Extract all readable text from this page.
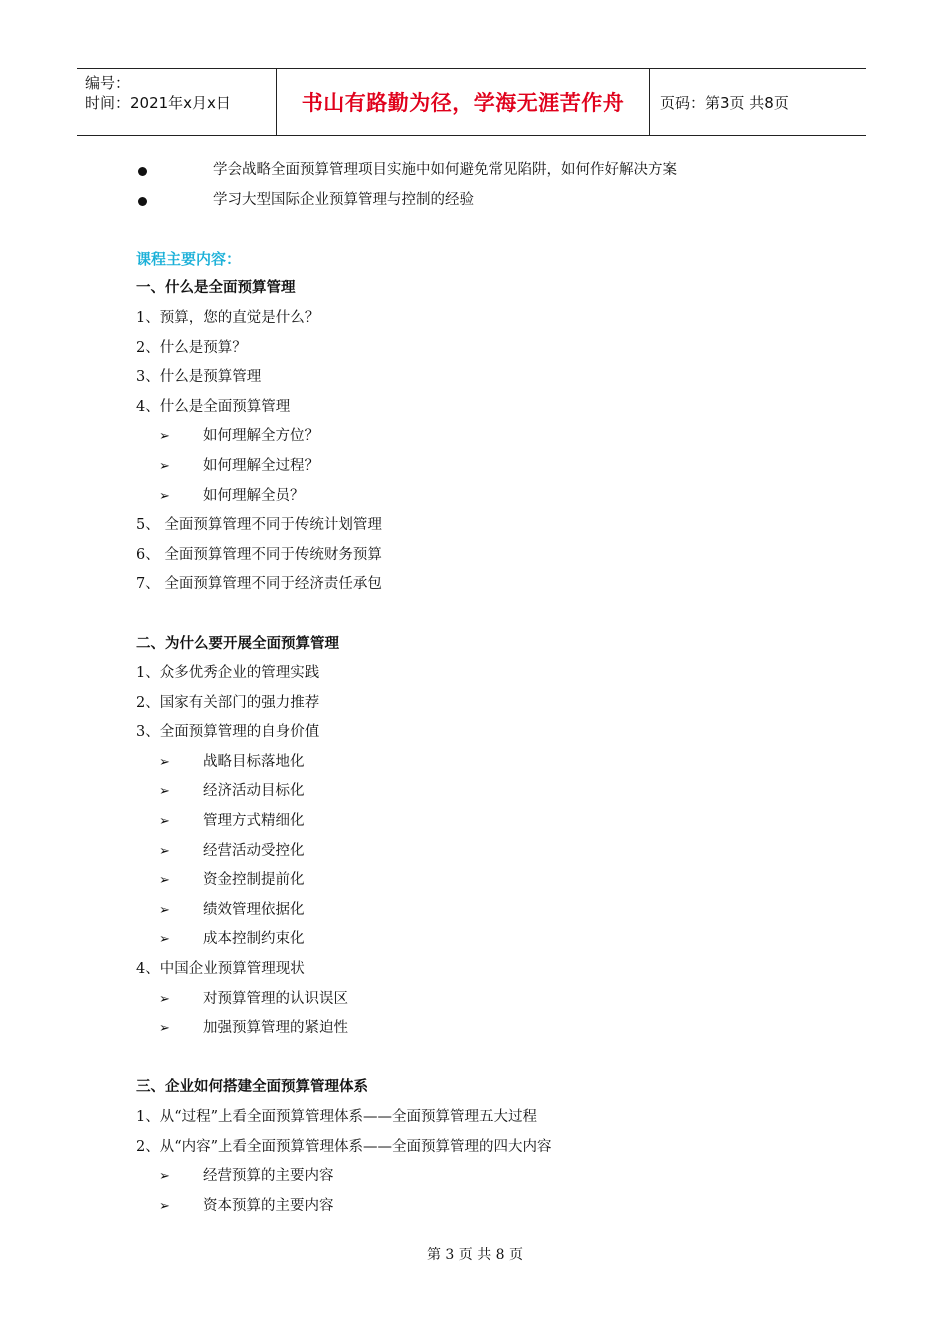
编号：
时间：2021年x月x日	书山有路勤为径，学海无涯苦作舟	页码：第3页 共8页
学会战略全面预算管理项目实施中如何避免常见陷阱，如何作好解决方案
学习大型国际企业预算管理与控制的经验
课程主要内容：
一、什么是全面预算管理
1、预算，您的直觉是什么？
2、什么是预算？
3、什么是预算管理
4、什么是全面预算管理
➢ 如何理解全方位？
➢ 如何理解全过程？
➢ 如何理解全员？
5、 全面预算管理不同于传统计划管理
6、 全面预算管理不同于传统财务预算
7、 全面预算管理不同于经济责任承包
二、为什么要开展全面预算管理
1、众多优秀企业的管理实践
2、国家有关部门的强力推荐
3、全面预算管理的自身价值
➢ 战略目标落地化
➢ 经济活动目标化
➢ 管理方式精细化
➢ 经营活动受控化
➢ 资金控制提前化
➢ 绩效管理依据化
➢ 成本控制约束化
4、中国企业预算管理现状
➢ 对预算管理的认识误区
➢ 加强预算管理的紧迫性
三、企业如何搭建全面预算管理体系
1、从“过程”上看全面预算管理体系——全面预算管理五大过程
2、从“内容”上看全面预算管理体系——全面预算管理的四大内容
➢ 经营预算的主要内容
➢ 资本预算的主要内容
第 3 页 共 8 页
